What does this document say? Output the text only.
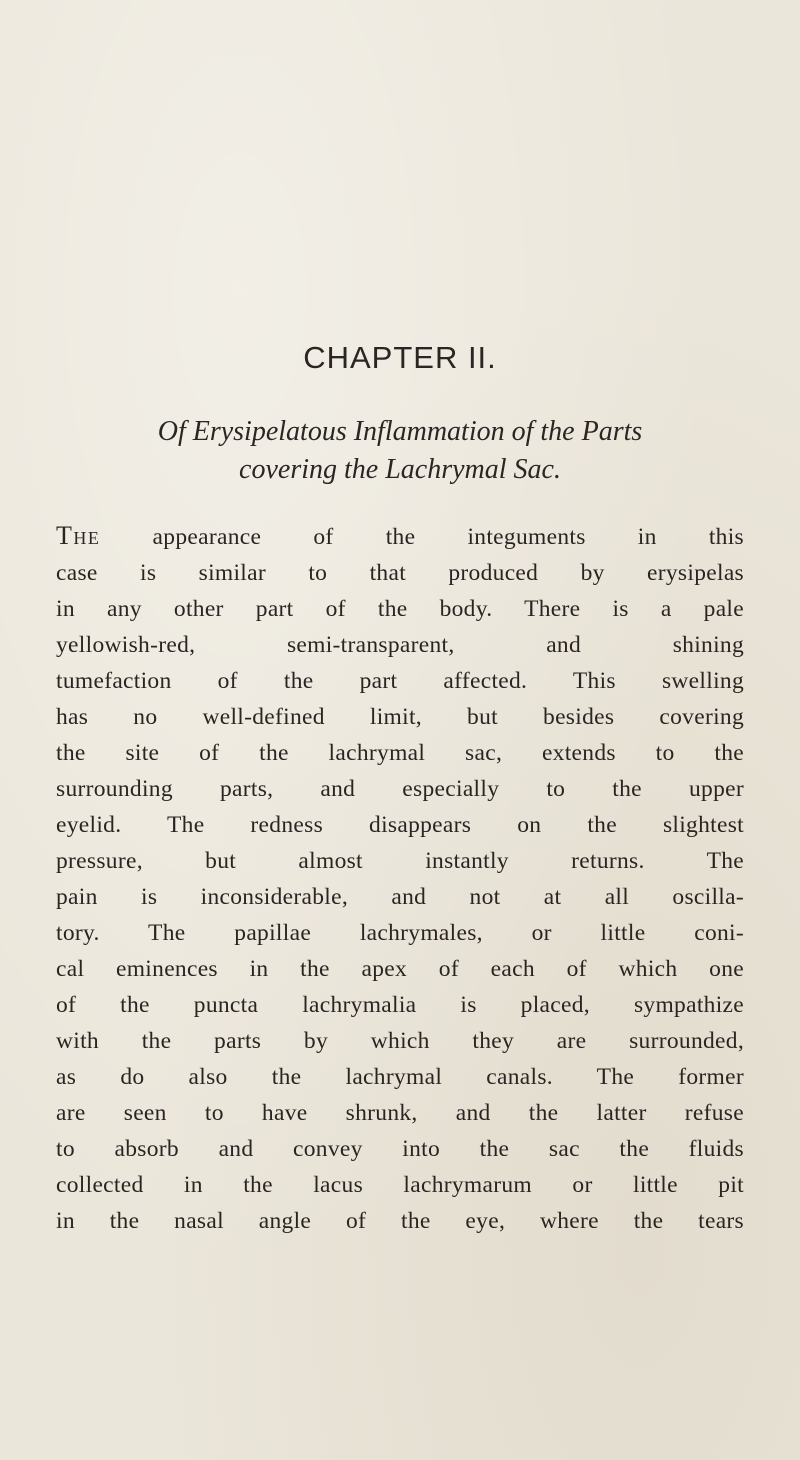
CHAPTER II.
Of Erysipelatous Inflammation of the Parts
covering the Lachrymal Sac.

The appearance of the integuments in this
case is similar to that produced by erysipelas
in any other part of the body. There is a pale
yellowish-red, semi-transparent, and shining
tumefaction of the part affected. This swelling
has no well-defined limit, but besides covering
the site of the lachrymal sac, extends to the
surrounding parts, and especially to the upper
eyelid. The redness disappears on the slightest
pressure, but almost instantly returns. The
pain is inconsiderable, and not at all oscilla-
tory. The papillae lachrymales, or little coni-
cal eminences in the apex of each of which one
of the puncta lachrymalia is placed, sympathize
with the parts by which they are surrounded,
as do also the lachrymal canals. The former
are seen to have shrunk, and the latter refuse
to absorb and convey into the sac the fluids
collected in the lacus lachrymarum or little pit
in the nasal angle of the eye, where the tears
